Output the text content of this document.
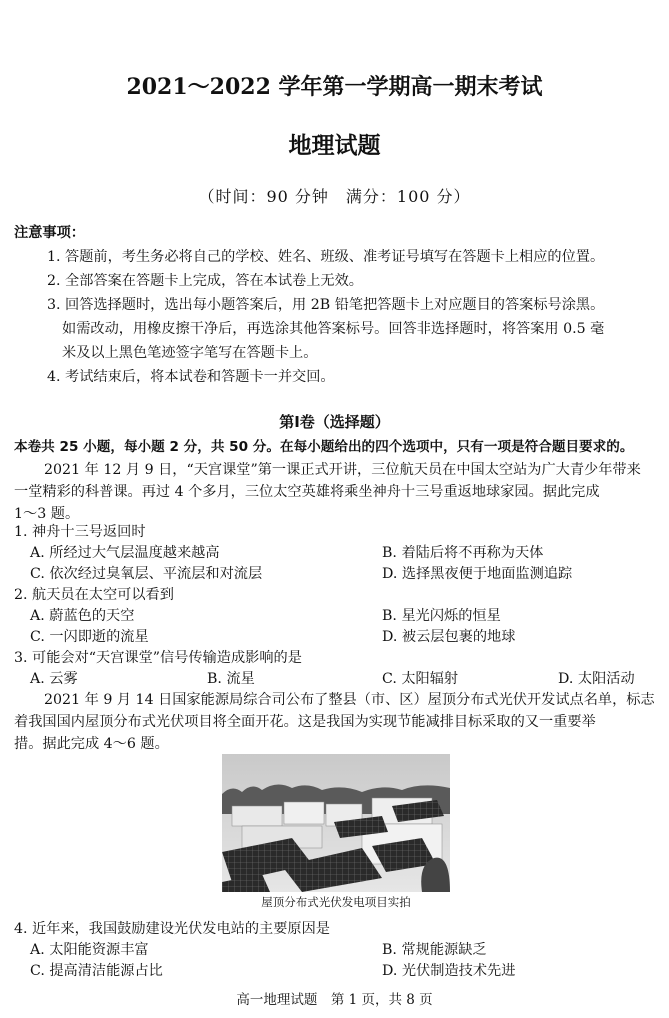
2021～2022 学年第一学期高一期末考试
地理试题
（时间：90 分钟　满分：100 分）
注意事项：
1. 答题前，考生务必将自己的学校、姓名、班级、准考证号填写在答题卡上相应的位置。
2. 全部答案在答题卡上完成，答在本试卷上无效。
3. 回答选择题时，选出每小题答案后，用 2B 铅笔把答题卡上对应题目的答案标号涂黑。
如需改动，用橡皮擦干净后，再选涂其他答案标号。回答非选择题时，将答案用 0.5 毫
米及以上黑色笔迹签字笔写在答题卡上。
4. 考试结束后，将本试卷和答题卡一并交回。
第Ⅰ卷（选择题）
本卷共 25 小题，每小题 2 分，共 50 分。在每小题给出的四个选项中，只有一项是符合题目要求的。
2021 年 12 月 9 日，“天宫课堂”第一课正式开讲，三位航天员在中国太空站为广大青少年带来
一堂精彩的科普课。再过 4 个多月，三位太空英雄将乘坐神舟十三号重返地球家园。据此完成
1～3 题。
1. 神舟十三号返回时
A. 所经过大气层温度越来越高	B. 着陆后将不再称为天体
C. 依次经过臭氧层、平流层和对流层	D. 选择黑夜便于地面监测追踪
2. 航天员在太空可以看到
A. 蔚蓝色的天空	B. 星光闪烁的恒星
C. 一闪即逝的流星	D. 被云层包裹的地球
3. 可能会对“天宫课堂”信号传输造成影响的是
A. 云雾	B. 流星	C. 太阳辐射	D. 太阳活动
2021 年 9 月 14 日国家能源局综合司公布了整县（市、区）屋顶分布式光伏开发试点名单，标志
着我国国内屋顶分布式光伏项目将全面开花。这是我国为实现节能减排目标采取的又一重要举
措。据此完成 4～6 题。
屋顶分布式光伏发电项目实拍
4. 近年来，我国鼓励建设光伏发电站的主要原因是
A. 太阳能资源丰富	B. 常规能源缺乏
C. 提高清洁能源占比	D. 光伏制造技术先进
高一地理试题　第 1 页，共 8 页
